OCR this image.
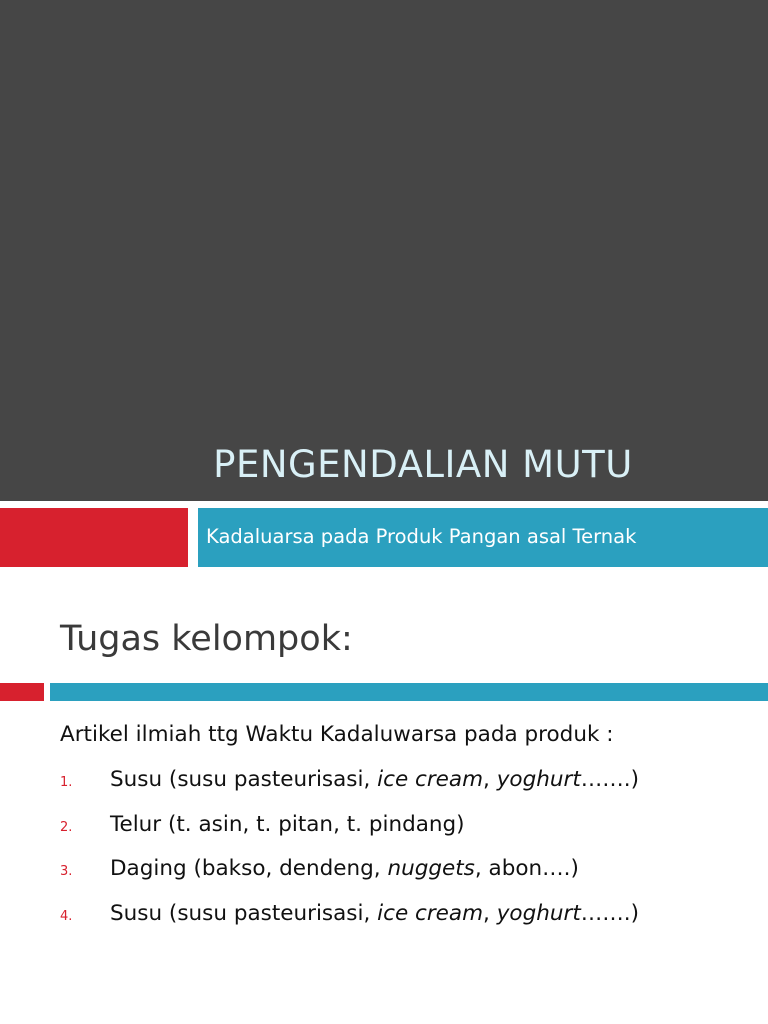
PENGENDALIAN MUTU
Kadaluarsa pada Produk Pangan asal Ternak
Tugas kelompok:
Artikel ilmiah ttg Waktu Kadaluwarsa pada produk :
1. Susu (susu pasteurisasi, ice cream, yoghurt…….)
2. Telur (t. asin, t. pitan, t. pindang)
3. Daging (bakso, dendeng, nuggets, abon….)
4. Susu (susu pasteurisasi, ice cream, yoghurt…….)
